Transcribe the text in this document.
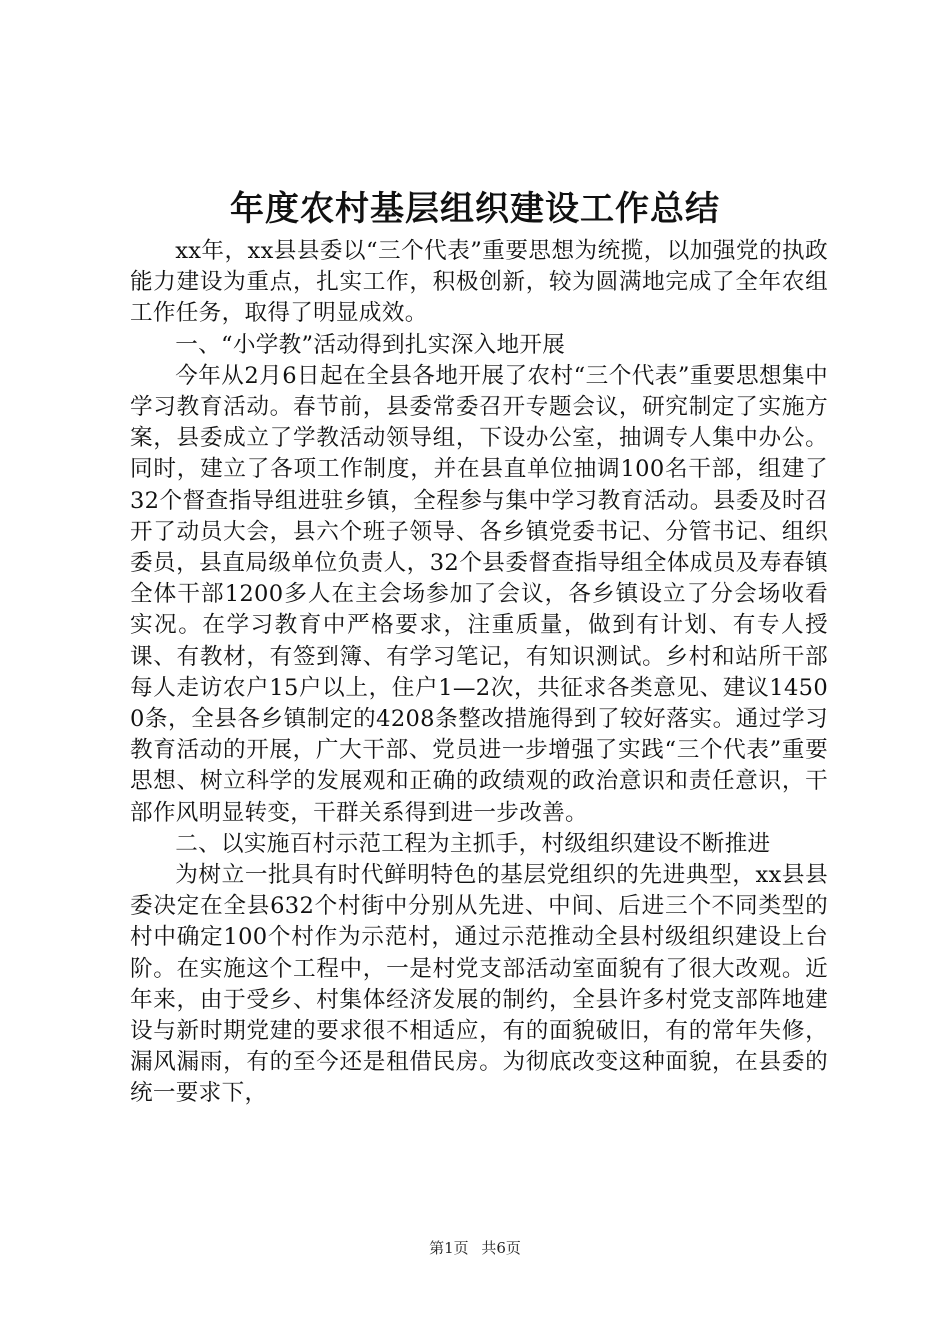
年度农村基层组织建设工作总结

xx年，xx县县委以“三个代表”重要思想为统揽，以加强党的执政能力建设为重点，扎实工作，积极创新，较为圆满地完成了全年农组工作任务，取得了明显成效。

一、“小学教”活动得到扎实深入地开展

今年从2月6日起在全县各地开展了农村“三个代表”重要思想集中学习教育活动。春节前，县委常委召开专题会议，研究制定了实施方案，县委成立了学教活动领导组，下设办公室，抽调专人集中办公。同时，建立了各项工作制度，并在县直单位抽调100名干部，组建了32个督查指导组进驻乡镇，全程参与集中学习教育活动。县委及时召开了动员大会，县六个班子领导、各乡镇党委书记、分管书记、组织委员，县直局级单位负责人，32个县委督查指导组全体成员及寿春镇全体干部1200多人在主会场参加了会议，各乡镇设立了分会场收看实况。在学习教育中严格要求，注重质量，做到有计划、有专人授课、有教材，有签到簿、有学习笔记，有知识测试。乡村和站所干部每人走访农户15户以上，住户1—2次，共征求各类意见、建议14500条，全县各乡镇制定的4208条整改措施得到了较好落实。通过学习教育活动的开展，广大干部、党员进一步增强了实践“三个代表”重要思想、树立科学的发展观和正确的政绩观的政治意识和责任意识，干部作风明显转变，干群关系得到进一步改善。

二、以实施百村示范工程为主抓手，村级组织建设不断推进

为树立一批具有时代鲜明特色的基层党组织的先进典型，xx县县委决定在全县632个村街中分别从先进、中间、后进三个不同类型的村中确定100个村作为示范村，通过示范推动全县村级组织建设上台阶。在实施这个工程中，一是村党支部活动室面貌有了很大改观。近年来，由于受乡、村集体经济发展的制约，全县许多村党支部阵地建设与新时期党建的要求很不相适应，有的面貌破旧，有的常年失修，漏风漏雨，有的至今还是租借民房。为彻底改变这种面貌，在县委的统一要求下，

第1页 共6页
